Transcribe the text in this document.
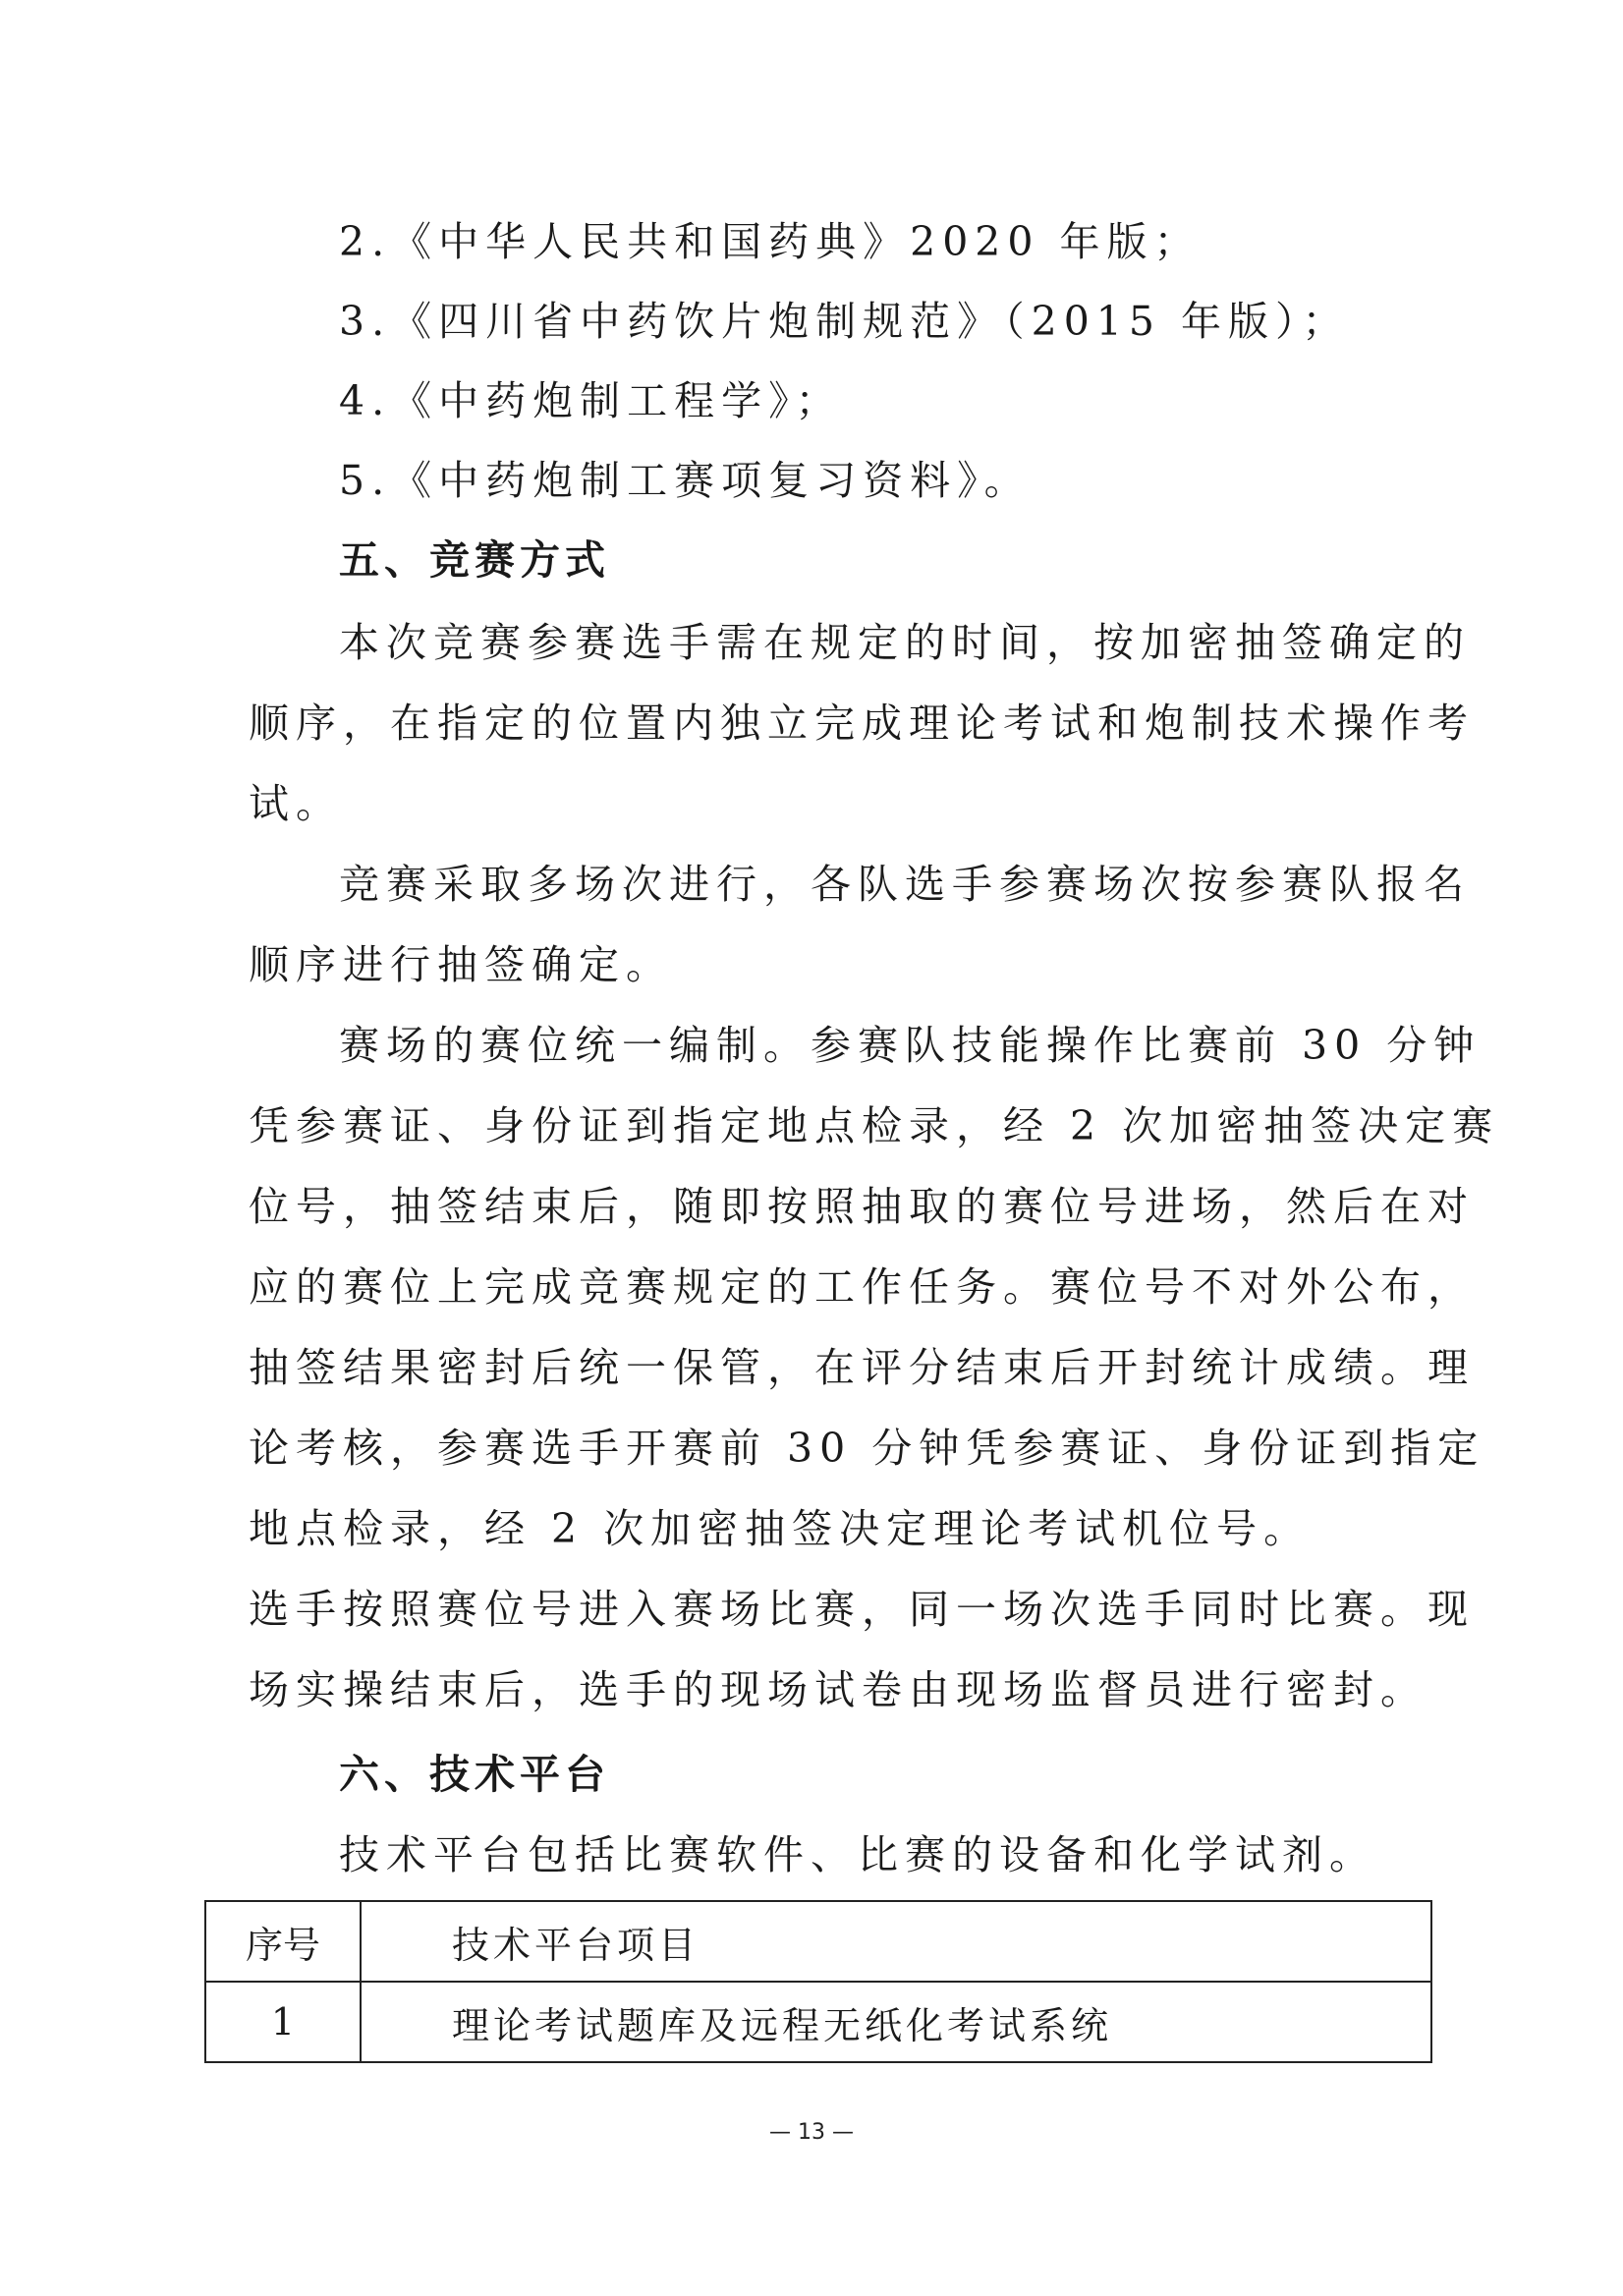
2.《中华人民共和国药典》2020 年版；
3.《四川省中药饮片炮制规范》（2015 年版）；
4.《中药炮制工程学》；
5.《中药炮制工赛项复习资料》。
五、竞赛方式
本次竞赛参赛选手需在规定的时间，按加密抽签确定的
顺序，在指定的位置内独立完成理论考试和炮制技术操作考
试。
竞赛采取多场次进行，各队选手参赛场次按参赛队报名
顺序进行抽签确定。
赛场的赛位统一编制。参赛队技能操作比赛前 30 分钟
凭参赛证、身份证到指定地点检录，经 2 次加密抽签决定赛
位号，抽签结束后，随即按照抽取的赛位号进场，然后在对
应的赛位上完成竞赛规定的工作任务。赛位号不对外公布，
抽签结果密封后统一保管，在评分结束后开封统计成绩。理
论考核，参赛选手开赛前 30 分钟凭参赛证、身份证到指定
地点检录，经 2 次加密抽签决定理论考试机位号。
选手按照赛位号进入赛场比赛，同一场次选手同时比赛。现
场实操结束后，选手的现场试卷由现场监督员进行密封。
六、技术平台
技术平台包括比赛软件、比赛的设备和化学试剂。
序号	技术平台项目
1	理论考试题库及远程无纸化考试系统
— 13 —
